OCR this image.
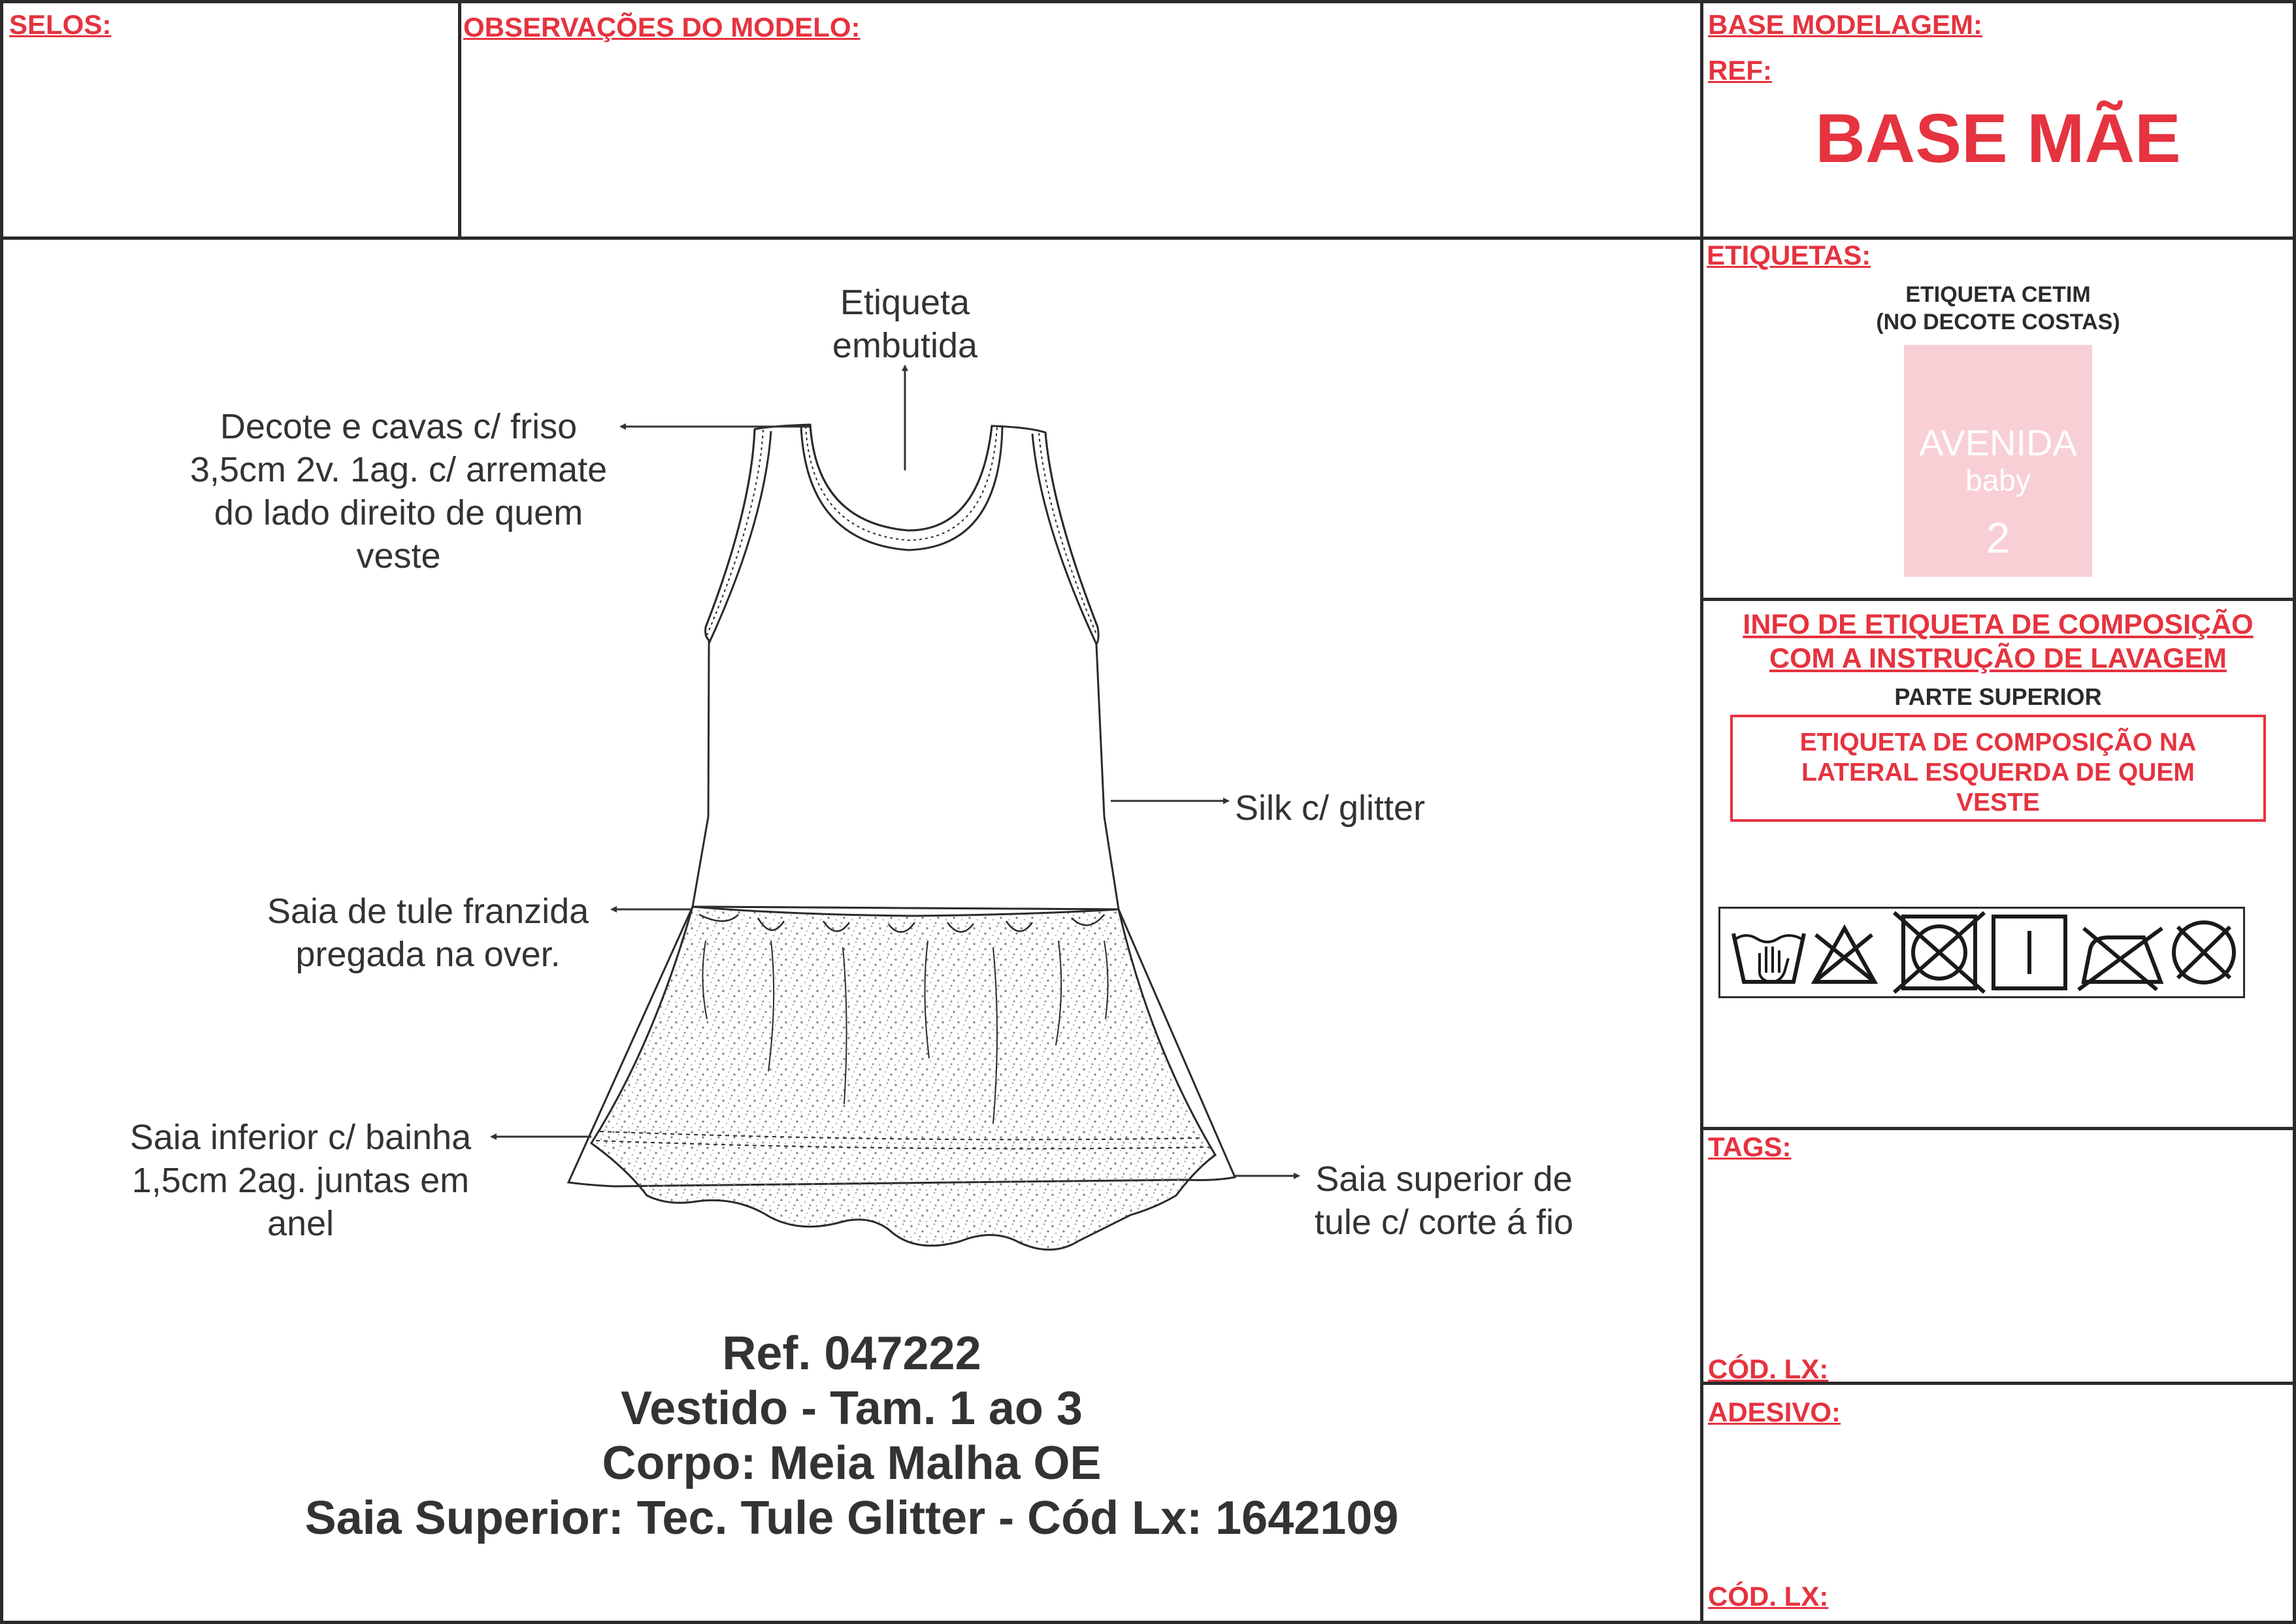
SELOS:	OBSERVAÇÕES DO MODELO:	BASE MODELAGEM:
REF:
BASE MÃE
ETIQUETAS:
ETIQUETA CETIM
(NO DECOTE COSTAS)
AVENIDA
baby
2
INFO DE ETIQUETA DE COMPOSIÇÃO
COM A INSTRUÇÃO DE LAVAGEM
PARTE SUPERIOR
ETIQUETA DE COMPOSIÇÃO NA
LATERAL ESQUERDA DE QUEM
VESTE
TAGS:
CÓD. LX:
ADESIVO:
CÓD. LX:
Etiqueta
embutida
Decote e cavas c/ friso
3,5cm 2v. 1ag. c/ arremate
do lado direito de quem
veste
Silk c/ glitter
Saia de tule franzida
pregada na over.
Saia inferior c/ bainha
1,5cm 2ag. juntas em
anel
Saia superior de
tule c/ corte á fio
Ref. 047222
Vestido - Tam. 1 ao 3
Corpo: Meia Malha OE
Saia Superior: Tec. Tule Glitter - Cód Lx: 1642109
